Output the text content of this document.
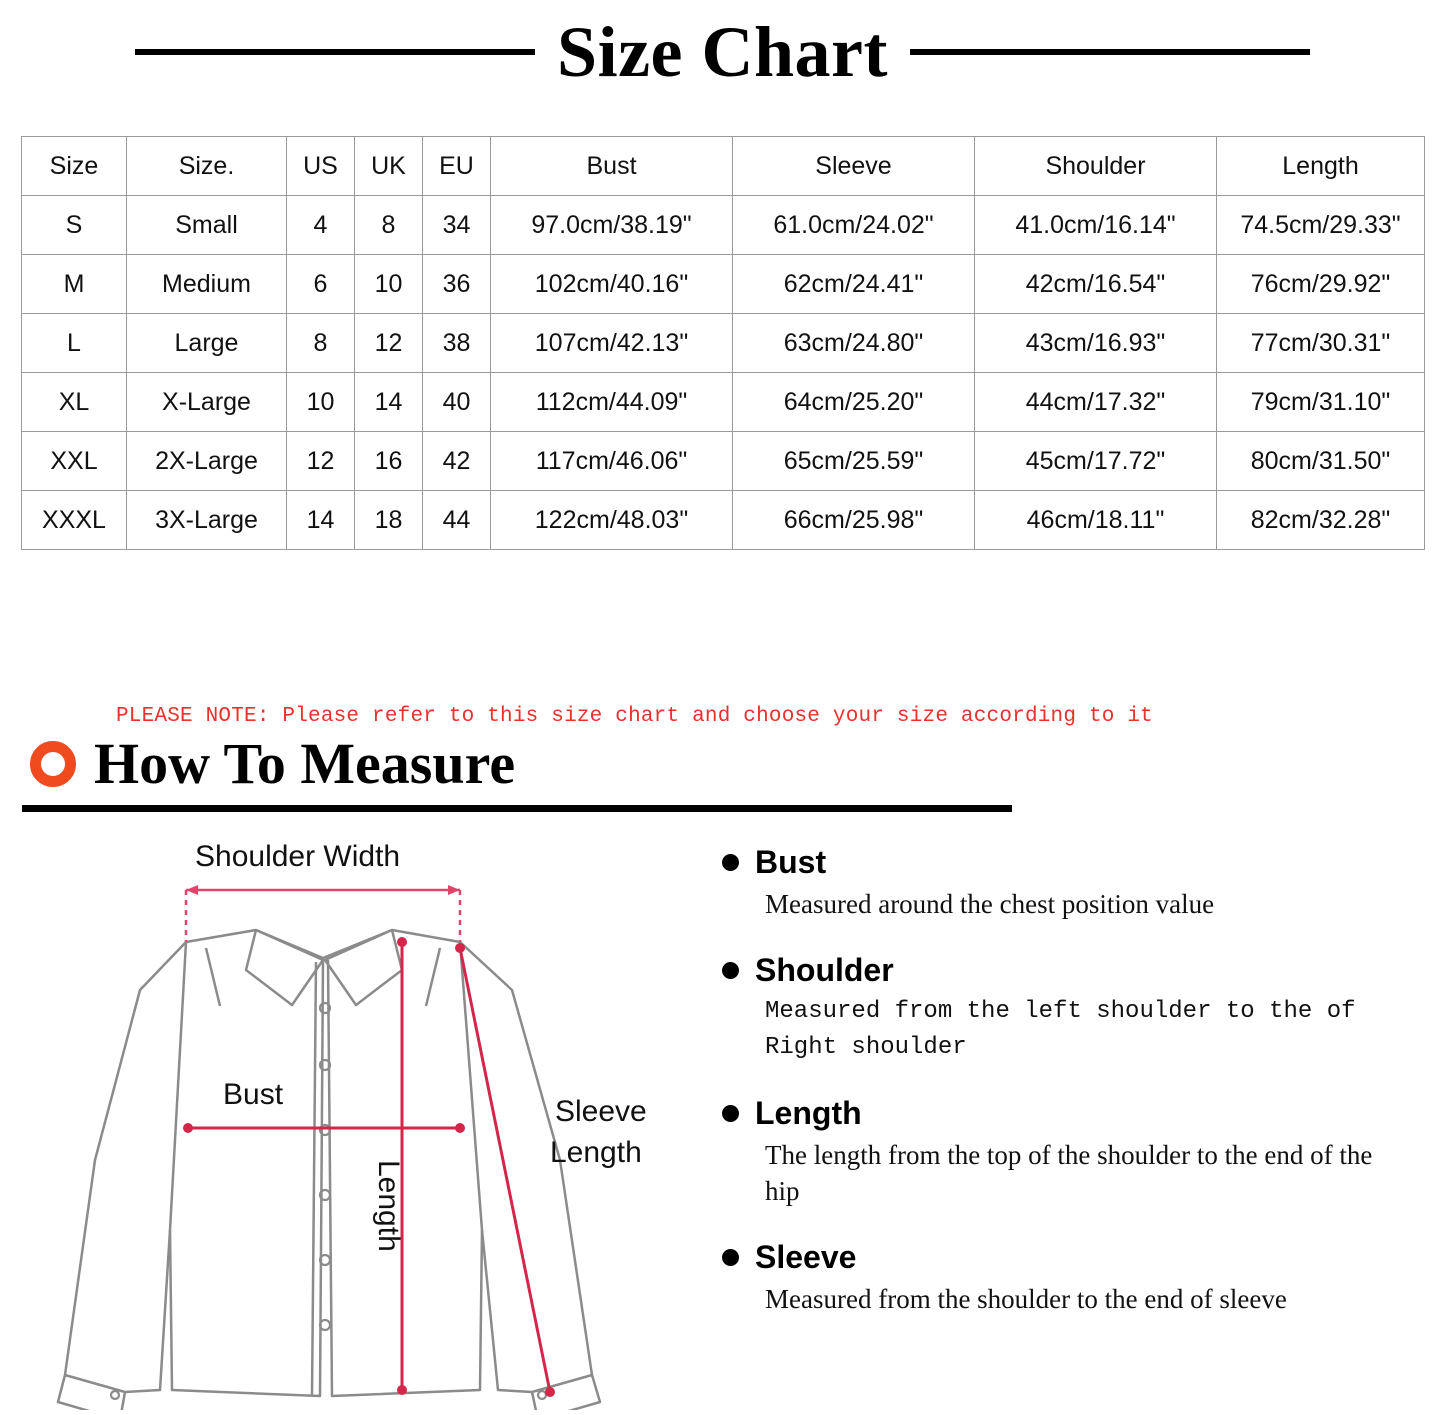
Size Chart
Size	Size.	US	UK	EU	Bust	Sleeve	Shoulder	Length
S	Small	4	8	34	97.0cm/38.19"	61.0cm/24.02"	41.0cm/16.14"	74.5cm/29.33"
M	Medium	6	10	36	102cm/40.16"	62cm/24.41"	42cm/16.54"	76cm/29.92"
L	Large	8	12	38	107cm/42.13"	63cm/24.80"	43cm/16.93"	77cm/30.31"
XL	X-Large	10	14	40	112cm/44.09"	64cm/25.20"	44cm/17.32"	79cm/31.10"
XXL	2X-Large	12	16	42	117cm/46.06"	65cm/25.59"	45cm/17.72"	80cm/31.50"
XXXL	3X-Large	14	18	44	122cm/48.03"	66cm/25.98"	46cm/18.11"	82cm/32.28"
PLEASE NOTE: Please refer to this size chart and choose your size according to it
How To Measure
Shoulder Width
Bust
Sleeve
Length
Length
Bust
Measured around the chest position value
Shoulder
Measured from the left shoulder to the of Right shoulder
Length
The length from the top of the shoulder to the end of the hip
Sleeve
Measured from the shoulder to the end of sleeve
